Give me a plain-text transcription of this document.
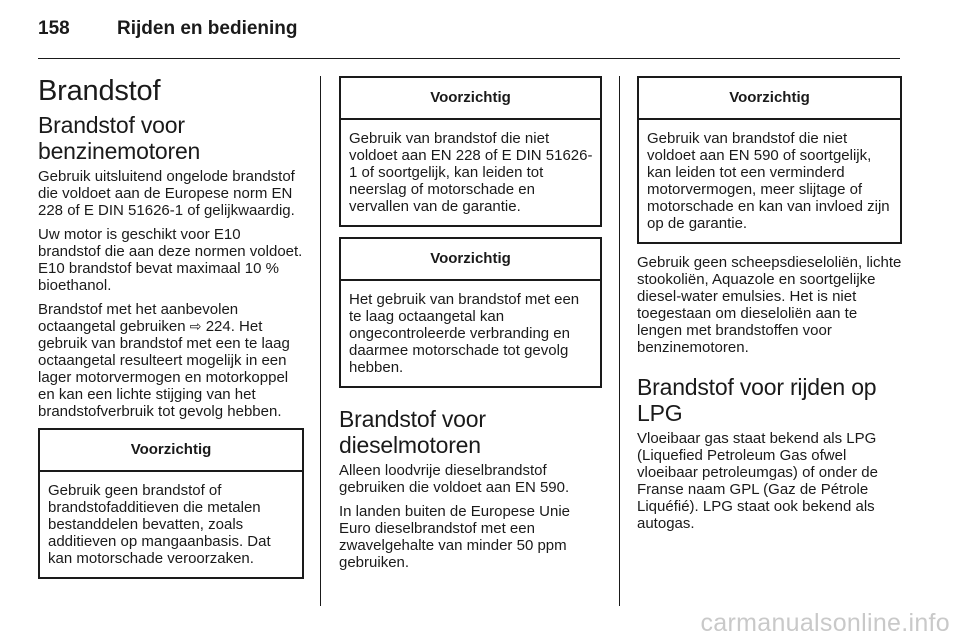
158 Rijden en bediening
Brandstof
Brandstof voor benzinemotoren

Gebruik uitsluitend ongelode brandstof die voldoet aan de Europese norm EN 228 of E DIN 51626-1 of gelijkwaardig.

Uw motor is geschikt voor E10 brandstof die aan deze normen voldoet. E10 brandstof bevat maximaal 10 % bioethanol.

Brandstof met het aanbevolen octaangetal gebruiken ⇨ 224. Het gebruik van brandstof met een te laag octaangetal resulteert mogelijk in een lager motorvermogen en motorkoppel en kan een lichte stijging van het brandstofverbruik tot gevolg hebben.

Voorzichtig
Gebruik geen brandstof of brandstofadditieven die metalen bestanddelen bevatten, zoals additieven op mangaanbasis. Dat kan motorschade veroorzaken.
Voorzichtig
Gebruik van brandstof die niet voldoet aan EN 228 of E DIN 51626-1 of soortgelijk, kan leiden tot neerslag of motorschade en vervallen van de garantie.
Voorzichtig
Het gebruik van brandstof met een te laag octaangetal kan ongecontroleerde verbranding en daarmee motorschade tot gevolg hebben.
Brandstof voor dieselmotoren

Alleen loodvrije dieselbrandstof gebruiken die voldoet aan EN 590.

In landen buiten de Europese Unie Euro dieselbrandstof met een zwavelgehalte van minder 50 ppm gebruiken.

Voorzichtig
Gebruik van brandstof die niet voldoet aan EN 590 of soortgelijk, kan leiden tot een verminderd motorvermogen, meer slijtage of motorschade en kan van invloed zijn op de garantie.

Gebruik geen scheepsdieseloliën, lichte stookoliën, Aquazole en soortgelijke diesel-water emulsies. Het is niet toegestaan om dieseloliën aan te lengen met brandstoffen voor benzinemotoren.

Brandstof voor rijden op LPG

Vloeibaar gas staat bekend als LPG (Liquefied Petroleum Gas ofwel vloeibaar petroleumgas) of onder de Franse naam GPL (Gaz de Pétrole Liquéfié). LPG staat ook bekend als autogas.

carmanualsonline.info
